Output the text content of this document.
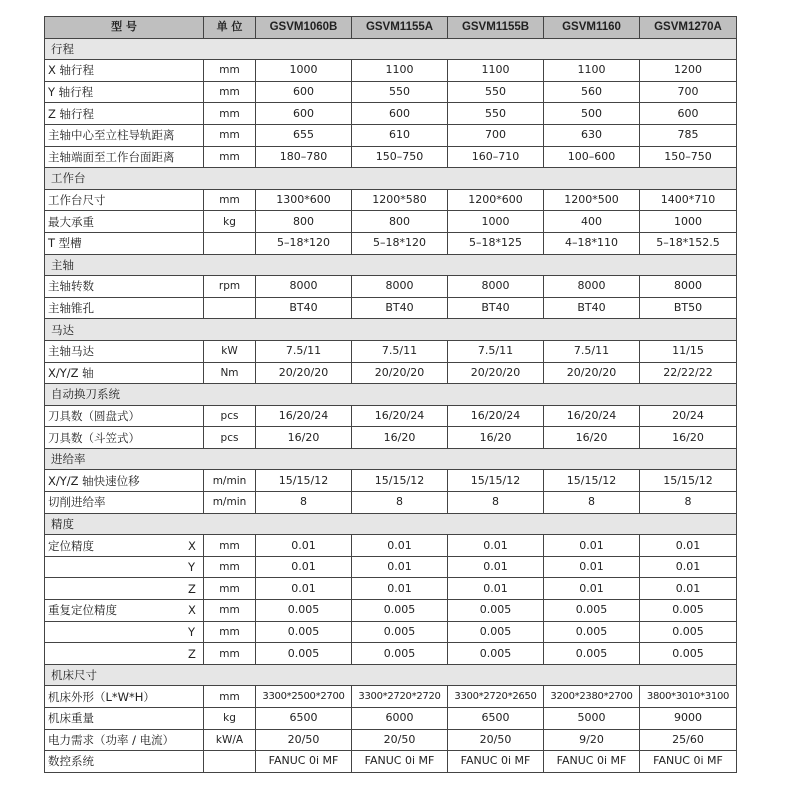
型 号	单 位	GSVM1060B	GSVM1155A	GSVM1155B	GSVM1160	GSVM1270A
行程						
X 轴行程	mm	1000	1100	1100	1100	1200
Y 轴行程	mm	600	550	550	560	700
Z 轴行程	mm	600	600	550	500	600
主轴中心至立柱导轨距离	mm	655	610	700	630	785
主轴端面至工作台面距离	mm	180–780	150–750	160–710	100–600	150–750
工作台						
工作台尺寸	mm	1300*600	1200*580	1200*600	1200*500	1400*710
最大承重	kg	800	800	1000	400	1000
T 型槽		5–18*120	5–18*120	5–18*125	4–18*110	5–18*152.5
主轴						
主轴转数	rpm	8000	8000	8000	8000	8000
主轴锥孔		BT40	BT40	BT40	BT40	BT50
马达						
主轴马达	kW	7.5/11	7.5/11	7.5/11	7.5/11	11/15
X/Y/Z 轴	Nm	20/20/20	20/20/20	20/20/20	20/20/20	22/22/22
自动换刀系统						
刀具数（圆盘式）	pcs	16/20/24	16/20/24	16/20/24	16/20/24	20/24
刀具数（斗笠式）	pcs	16/20	16/20	16/20	16/20	16/20
进给率						
X/Y/Z 轴快速位移	m/min	15/15/12	15/15/12	15/15/12	15/15/12	15/15/12
切削进给率	m/min	8	8	8	8	8
精度						
定位精度 X	mm	0.01	0.01	0.01	0.01	0.01
Y	mm	0.01	0.01	0.01	0.01	0.01
Z	mm	0.01	0.01	0.01	0.01	0.01
重复定位精度 X	mm	0.005	0.005	0.005	0.005	0.005
Y	mm	0.005	0.005	0.005	0.005	0.005
Z	mm	0.005	0.005	0.005	0.005	0.005
机床尺寸						
机床外形（L*W*H）	mm	3300*2500*2700	3300*2720*2720	3300*2720*2650	3200*2380*2700	3800*3010*3100
机床重量	kg	6500	6000	6500	5000	9000
电力需求（功率 / 电流）	kW/A	20/50	20/50	20/50	9/20	25/60
数控系统		FANUC 0i MF	FANUC 0i MF	FANUC 0i MF	FANUC 0i MF	FANUC 0i MF
